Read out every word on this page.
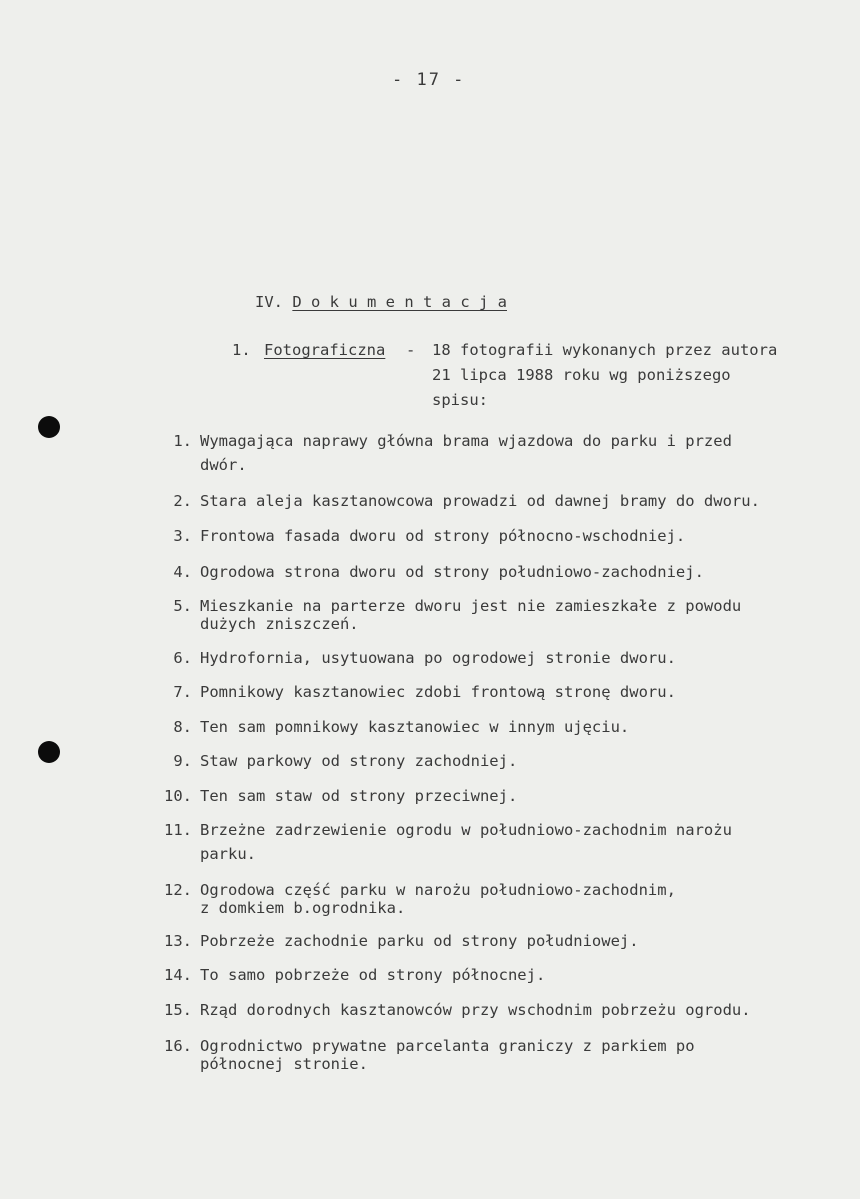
- 17 -
IV. D o k u m e n t a c j a
1. Fotograficzna - 18 fotografii wykonanych przez autora
21 lipca 1988 roku wg poniższego
spisu:
1. Wymagająca naprawy główna brama wjazdowa do parku i przed
dwór.
2. Stara aleja kasztanowcowa prowadzi od dawnej bramy do dworu.
3. Frontowa fasada dworu od strony północno-wschodniej.
4. Ogrodowa strona dworu od strony południowo-zachodniej.
5. Mieszkanie na parterze dworu jest nie zamieszkałe z powodu
dużych zniszczeń.
6. Hydrofornia, usytuowana po ogrodowej stronie dworu.
7. Pomnikowy kasztanowiec zdobi frontową stronę dworu.
8. Ten sam pomnikowy kasztanowiec w innym ujęciu.
9. Staw parkowy od strony zachodniej.
10. Ten sam staw od strony przeciwnej.
11. Brzeżne zadrzewienie ogrodu w południowo-zachodnim narożu
parku.
12. Ogrodowa część parku w narożu południowo-zachodnim,
z domkiem b.ogrodnika.
13. Pobrzeże zachodnie parku od strony południowej.
14. To samo pobrzeże od strony północnej.
15. Rząd dorodnych kasztanowców przy wschodnim pobrzeżu ogrodu.
16. Ogrodnictwo prywatne parcelanta graniczy z parkiem po
północnej stronie.
